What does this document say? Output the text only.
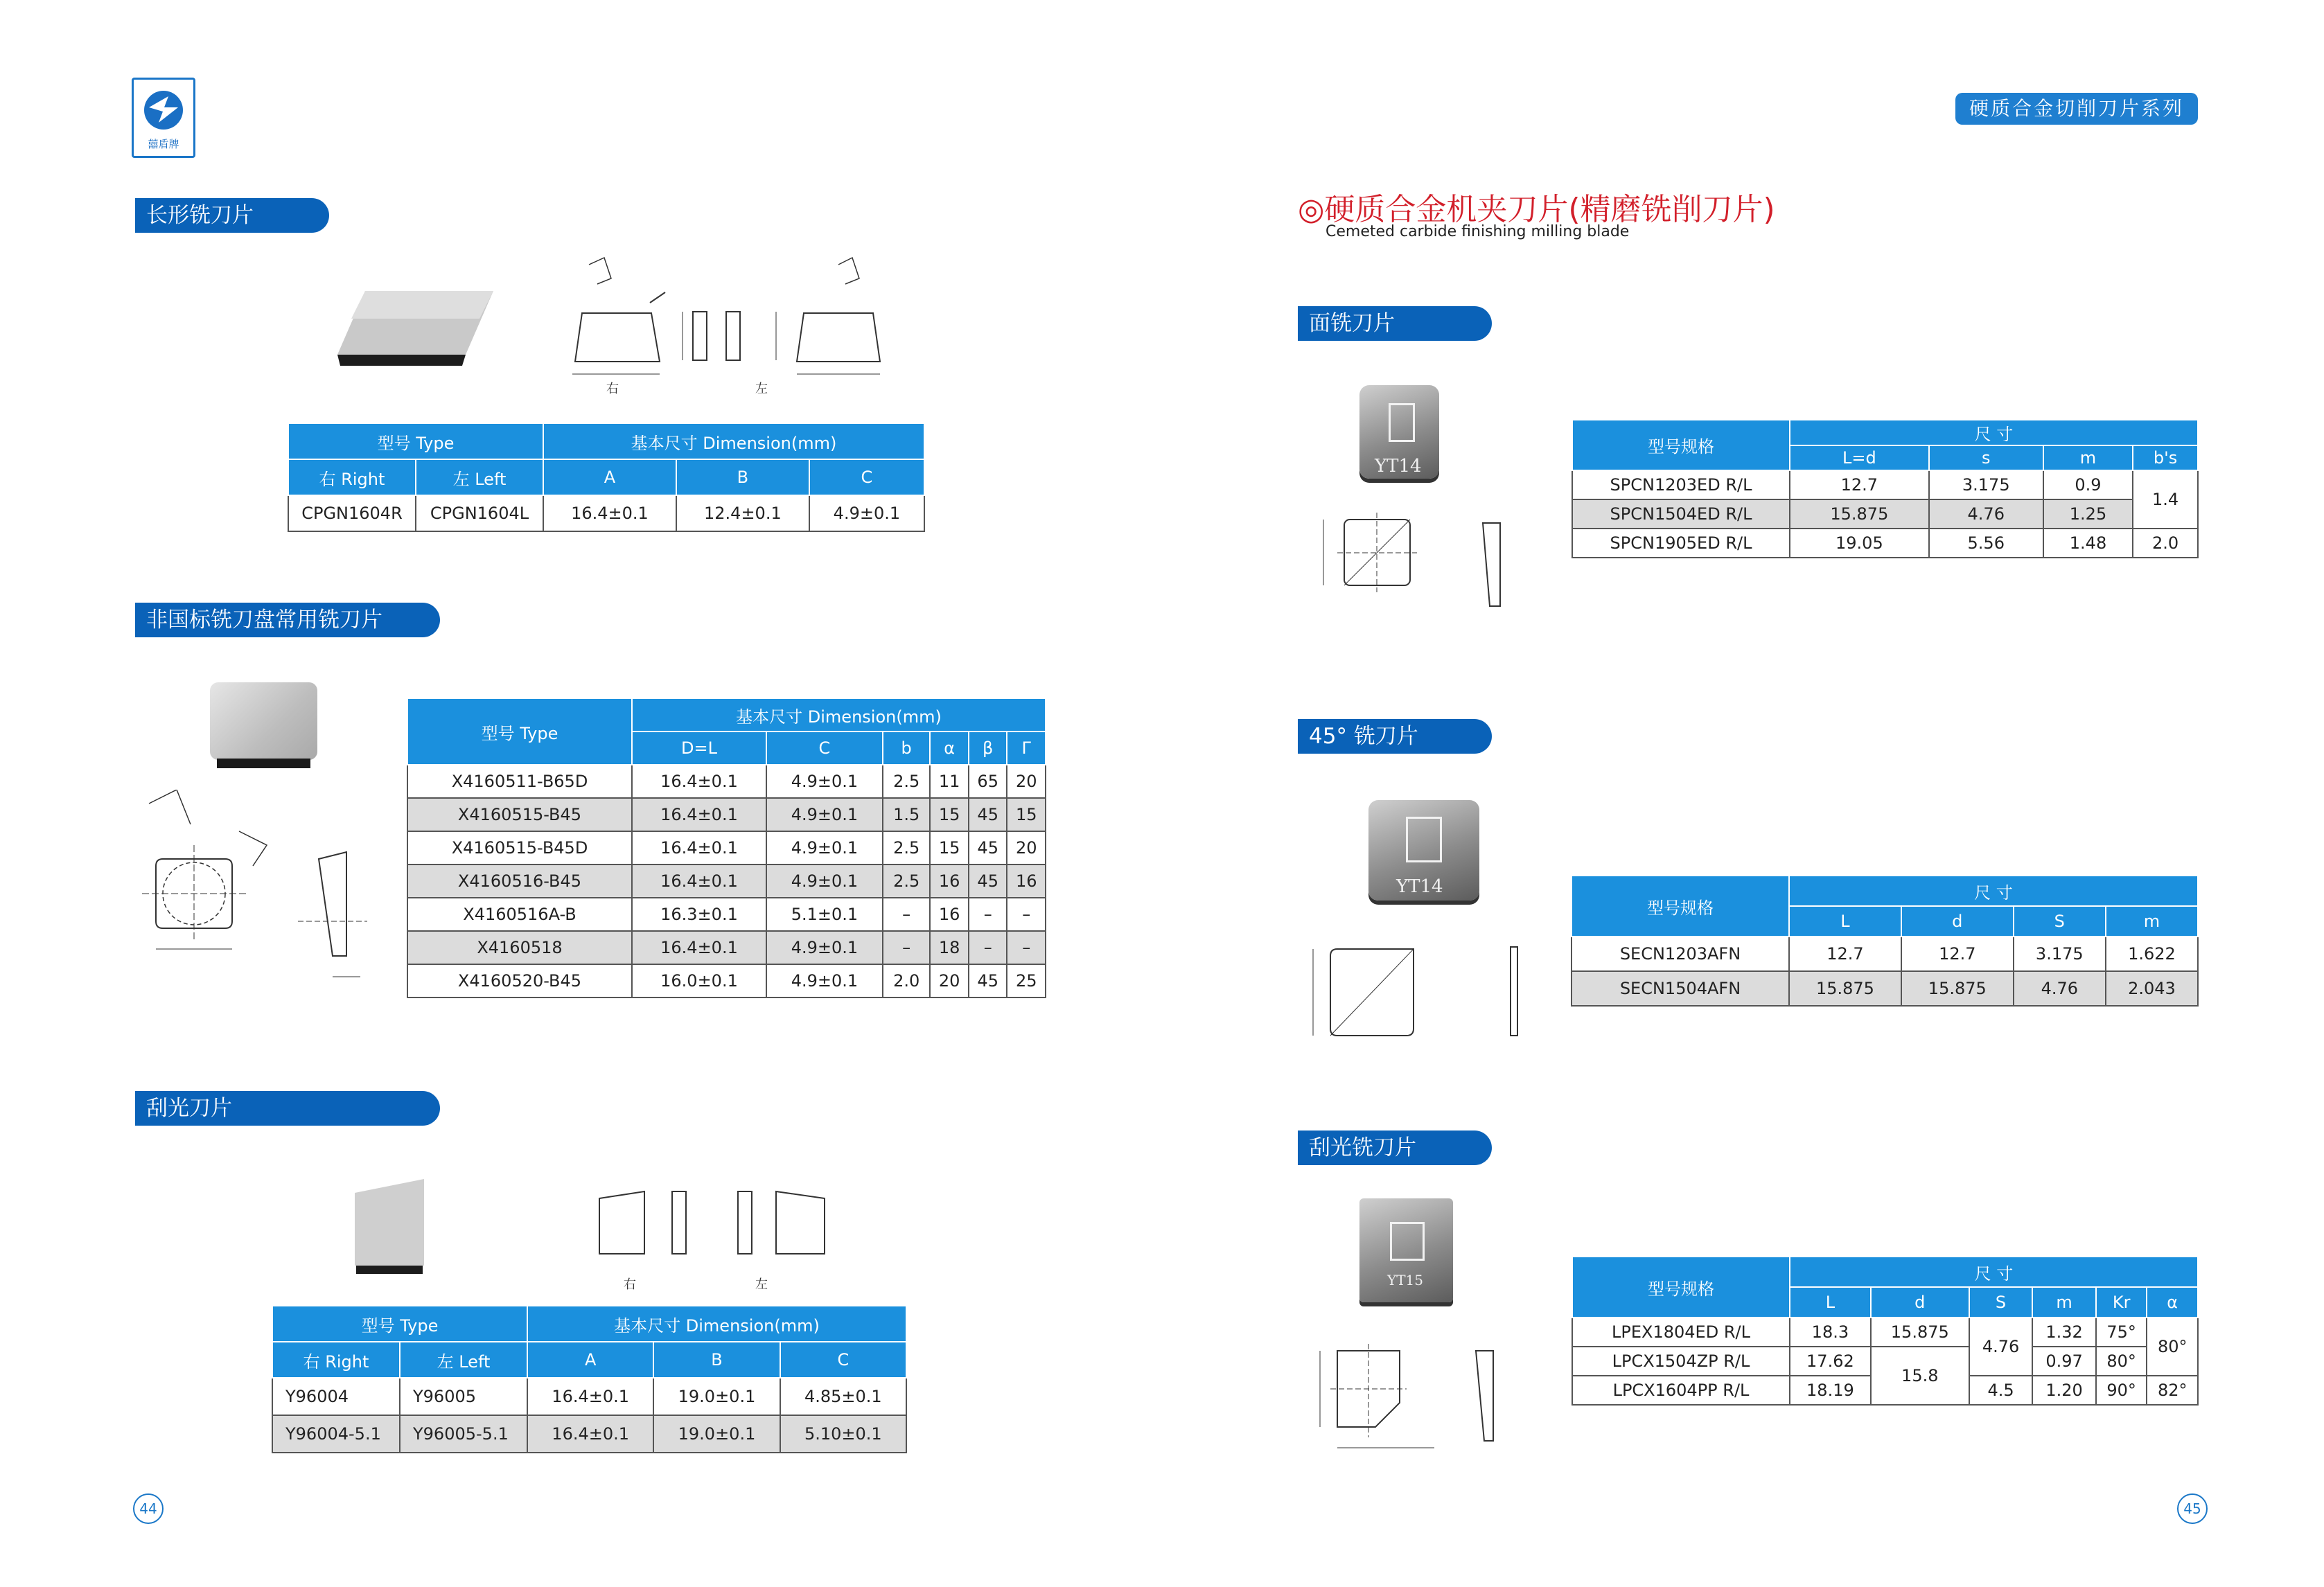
囍盾牌
长形铣刀片
右	左
型号 Type		基本尺寸 Dimension(mm)		
右 Right	左 Left	A	B	C
CPGN1604R	CPGN1604L	16.4±0.1	12.4±0.1	4.9±0.1
非国标铣刀盘常用铣刀片
型号 Type	基本尺寸 Dimension(mm)					
	D=L	C	b	α	β	Γ
X4160511-B65D	16.4±0.1	4.9±0.1	2.5	11	65	20
X4160515-B45	16.4±0.1	4.9±0.1	1.5	15	45	15
X4160515-B45D	16.4±0.1	4.9±0.1	2.5	15	45	20
X4160516-B45	16.4±0.1	4.9±0.1	2.5	16	45	16
X4160516A-B	16.3±0.1	5.1±0.1	–	16	–	–
X4160518	16.4±0.1	4.9±0.1	–	18	–	–
X4160520-B45	16.0±0.1	4.9±0.1	2.0	20	45	25
刮光刀片
右	左
型号 Type		基本尺寸 Dimension(mm)		
右 Right	左 Left	A	B	C
Y96004	Y96005	16.4±0.1	19.0±0.1	4.85±0.1
Y96004-5.1	Y96005-5.1	16.4±0.1	19.0±0.1	5.10±0.1
44
硬质合金切削刀片系列
◎硬质合金机夹刀片(精磨铣削刀片)
Cemeted carbide finishing milling blade
面铣刀片
YT14
型号规格	尺 寸			
	L=d	s	m	b's
SPCN1203ED R/L	12.7	3.175	0.9	1.4
SPCN1504ED R/L	15.875	4.76	1.25	
SPCN1905ED R/L	19.05	5.56	1.48	2.0
45° 铣刀片
YT14
型号规格	尺 寸			
	L	d	S	m
SECN1203AFN	12.7	12.7	3.175	1.622
SECN1504AFN	15.875	15.875	4.76	2.043
刮光铣刀片
YT15	型号规格	尺 寸					
	L	d	S	m	Kr	α
LPEX1804ED R/L	18.3	15.875	4.76	1.32	75°	80°
LPCX1504ZP R/L	17.62	15.8		0.97	80°	
LPCX1604PP R/L	18.19		4.5	1.20	90°	82°
45
